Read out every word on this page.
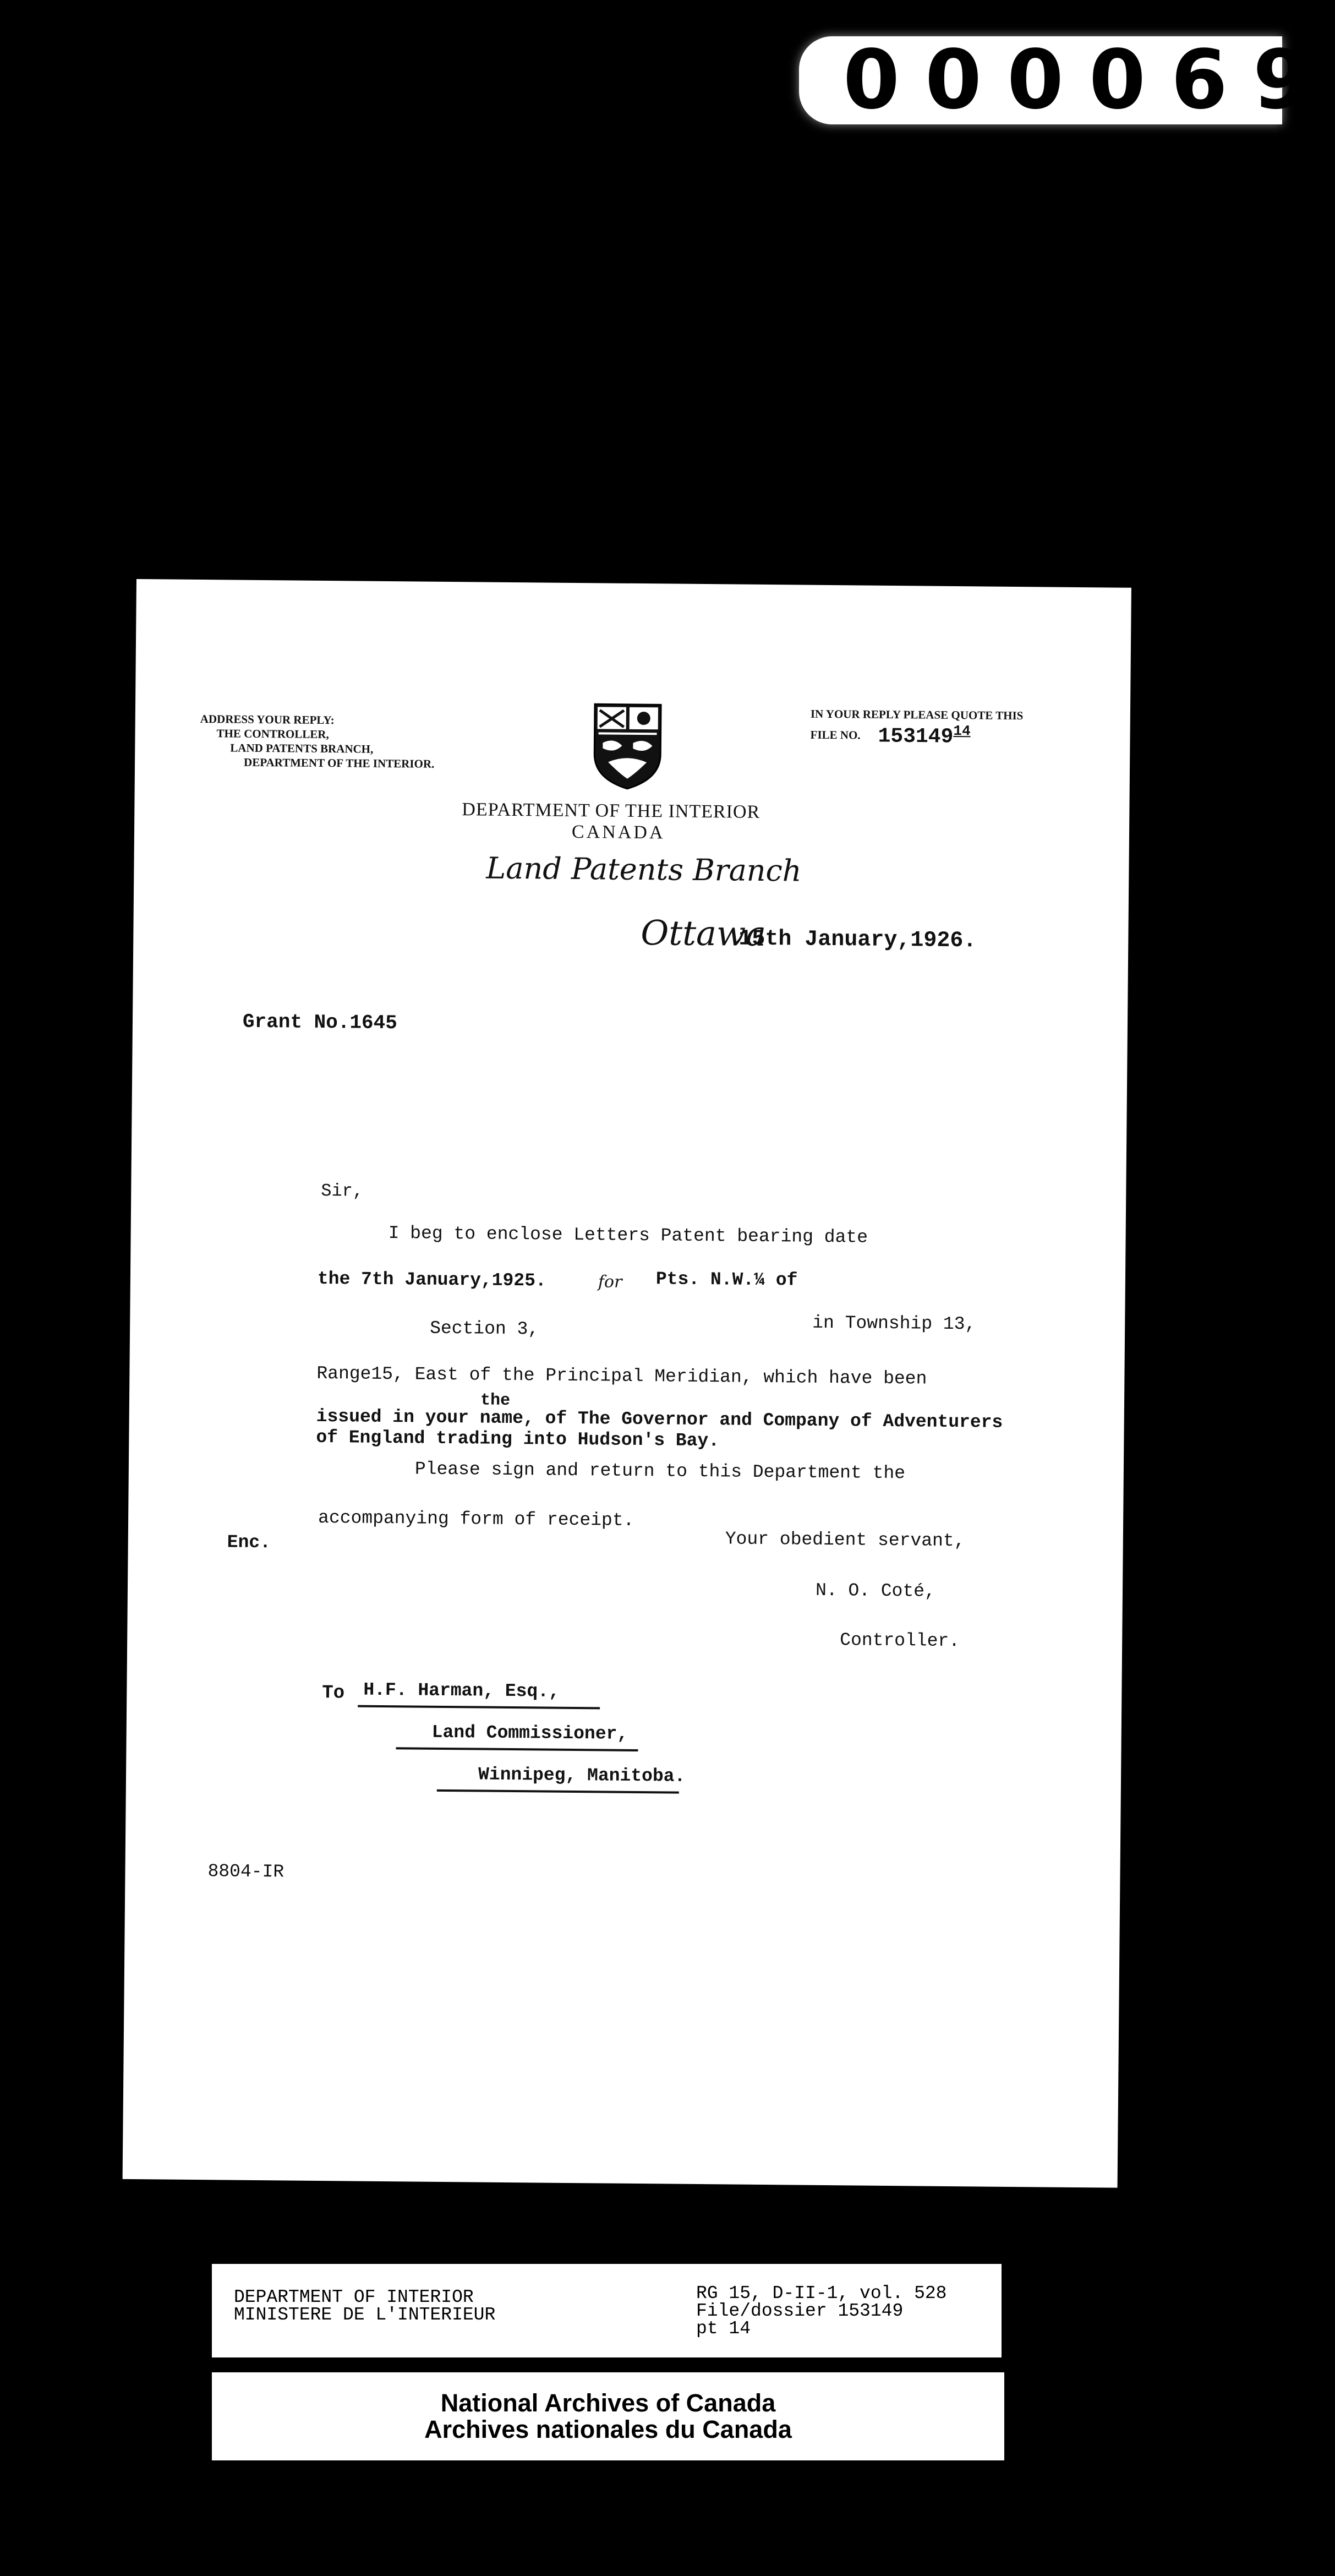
000069
ADDRESS YOUR REPLY:
THE CONTROLLER,
LAND PATENTS BRANCH,
DEPARTMENT OF THE INTERIOR.
IN YOUR REPLY PLEASE QUOTE THIS
FILE NO. 153149$^{14}$
DEPARTMENT OF THE INTERIOR
CANADA
Land Patents Branch
Ottawa
15th January,1926.
Grant No.1645
Sir,
I beg to enclose Letters Patent bearing date
the 7th January,1925.	for Pts. N.W.¼ of
Section 3,	in Township 13,
Range15, East of the Principal Meridian, which have been
the
issued in your name, of The Governor and Company of Adventurers
of England trading into Hudson's Bay.
Please sign and return to this Department the
accompanying form of receipt.
Enc.	Your obedient servant,
N. O. Coté,
Controller.
To H.F. Harman, Esq.,
Land Commissioner,
Winnipeg, Manitoba.
8804-IR
DEPARTMENT OF INTERIOR
MINISTERE DE L'INTERIEUR
RG 15, D-II-1, vol. 528
File/dossier 153149
pt 14
National Archives of Canada
Archives nationales du Canada
